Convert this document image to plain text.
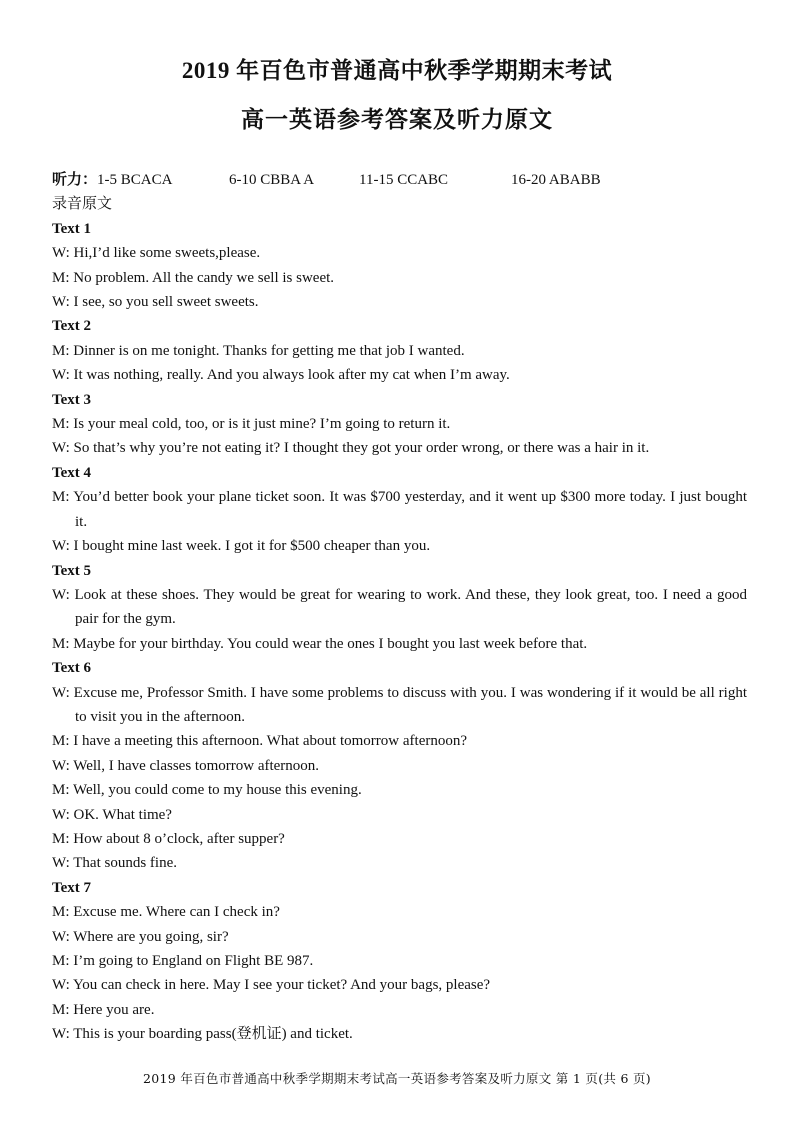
2019 年百色市普通高中秋季学期期末考试
高一英语参考答案及听力原文
听力：1-5 BCACA	6-10 CBBA A	11-15 CCABC	16-20 ABABB
录音原文
Text 1
W: Hi,I’d like some sweets,please.
M: No problem. All the candy we sell is sweet.
W: I see, so you sell sweet sweets.
Text 2
M: Dinner is on me tonight. Thanks for getting me that job I wanted.
W: It was nothing, really. And you always look after my cat when I’m away.
Text 3
M: Is your meal cold, too, or is it just mine? I’m going to return it.
W: So that’s why you’re not eating it? I thought they got your order wrong, or there was a hair in it.
Text 4
M: You’d better book your plane ticket soon. It was $700 yesterday, and it went up $300 more today. I just bought it.
W: I bought mine last week. I got it for $500 cheaper than you.
Text 5
W: Look at these shoes. They would be great for wearing to work. And these, they look great, too. I need a good pair for the gym.
M: Maybe for your birthday. You could wear the ones I bought you last week before that.
Text 6
W: Excuse me, Professor Smith. I have some problems to discuss with you. I was wondering if it would be all right to visit you in the afternoon.
M: I have a meeting this afternoon. What about tomorrow afternoon?
W: Well, I have classes tomorrow afternoon.
M: Well, you could come to my house this evening.
W: OK. What time?
M: How about 8 o’clock, after supper?
W: That sounds fine.
Text 7
M: Excuse me. Where can I check in?
W: Where are you going, sir?
M: I’m going to England on Flight BE 987.
W: You can check in here. May I see your ticket? And your bags, please?
M: Here you are.
W: This is your boarding pass(登机证) and ticket.
2019 年百色市普通高中秋季学期期末考试高一英语参考答案及听力原文 第 1 页(共 6 页)
